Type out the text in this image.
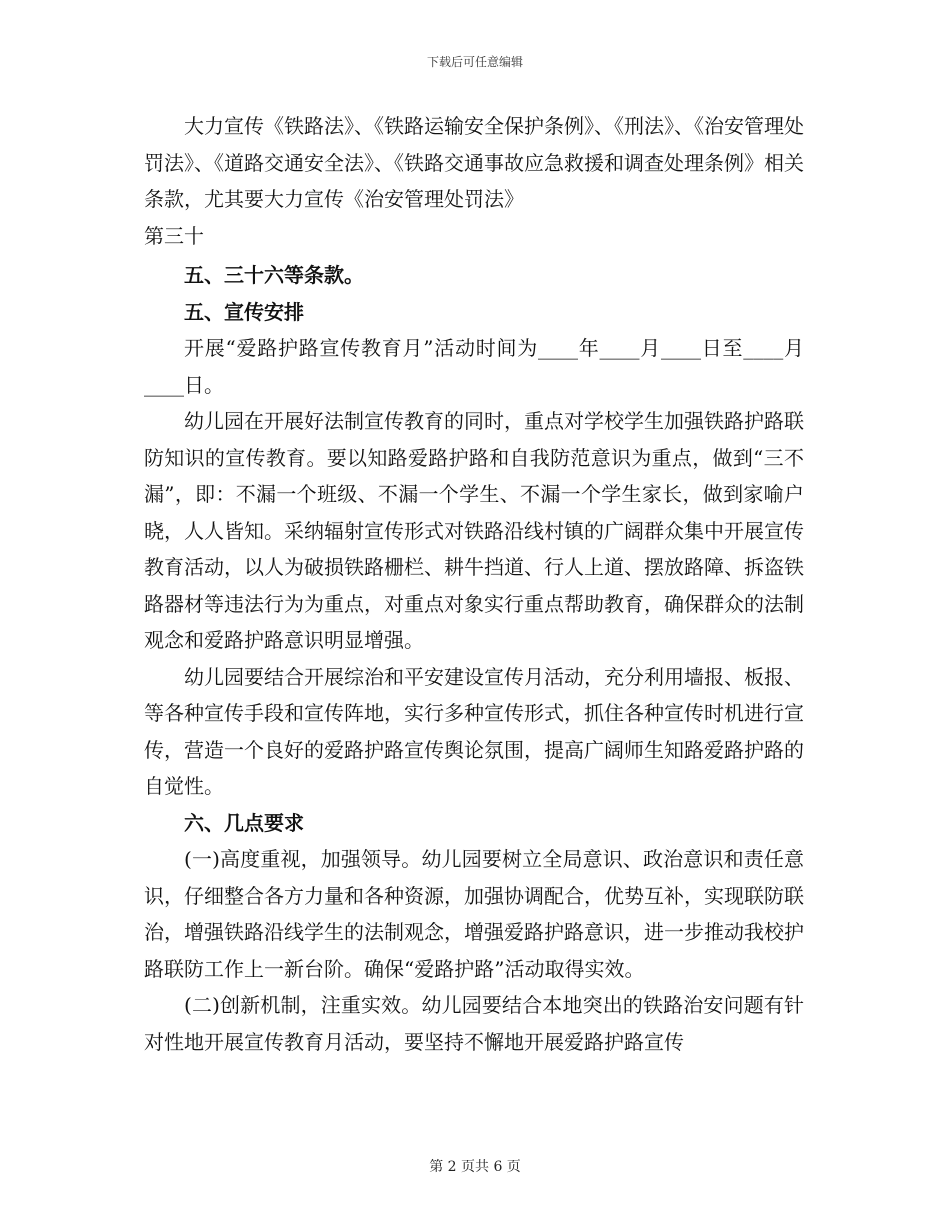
下载后可任意编辑

大力宣传《铁路法》、《铁路运输安全保护条例》、《刑法》、《治安管理处罚法》、《道路交通安全法》、《铁路交通事故应急救援和调查处理条例》相关条款，尤其要大力宣传《治安管理处罚法》

第三十

五、三十六等条款。

五、宣传安排

开展“爱路护路宣传教育月”活动时间为____年____月____日至____月____日。

幼儿园在开展好法制宣传教育的同时，重点对学校学生加强铁路护路联防知识的宣传教育。要以知路爱路护路和自我防范意识为重点，做到“三不漏”，即：不漏一个班级、不漏一个学生、不漏一个学生家长，做到家喻户晓，人人皆知。采纳辐射宣传形式对铁路沿线村镇的广阔群众集中开展宣传教育活动，以人为破损铁路栅栏、耕牛挡道、行人上道、摆放路障、拆盗铁路器材等违法行为为重点，对重点对象实行重点帮助教育，确保群众的法制观念和爱路护路意识明显增强。

幼儿园要结合开展综治和平安建设宣传月活动，充分利用墙报、板报、等各种宣传手段和宣传阵地，实行多种宣传形式，抓住各种宣传时机进行宣传，营造一个良好的爱路护路宣传舆论氛围，提高广阔师生知路爱路护路的自觉性。

六、几点要求

(一)高度重视，加强领导。幼儿园要树立全局意识、政治意识和责任意识，仔细整合各方力量和各种资源，加强协调配合，优势互补，实现联防联治，增强铁路沿线学生的法制观念，增强爱路护路意识，进一步推动我校护路联防工作上一新台阶。确保“爱路护路”活动取得实效。

(二)创新机制，注重实效。幼儿园要结合本地突出的铁路治安问题有针对性地开展宣传教育月活动，要坚持不懈地开展爱路护路宣传

第 2 页共 6 页
